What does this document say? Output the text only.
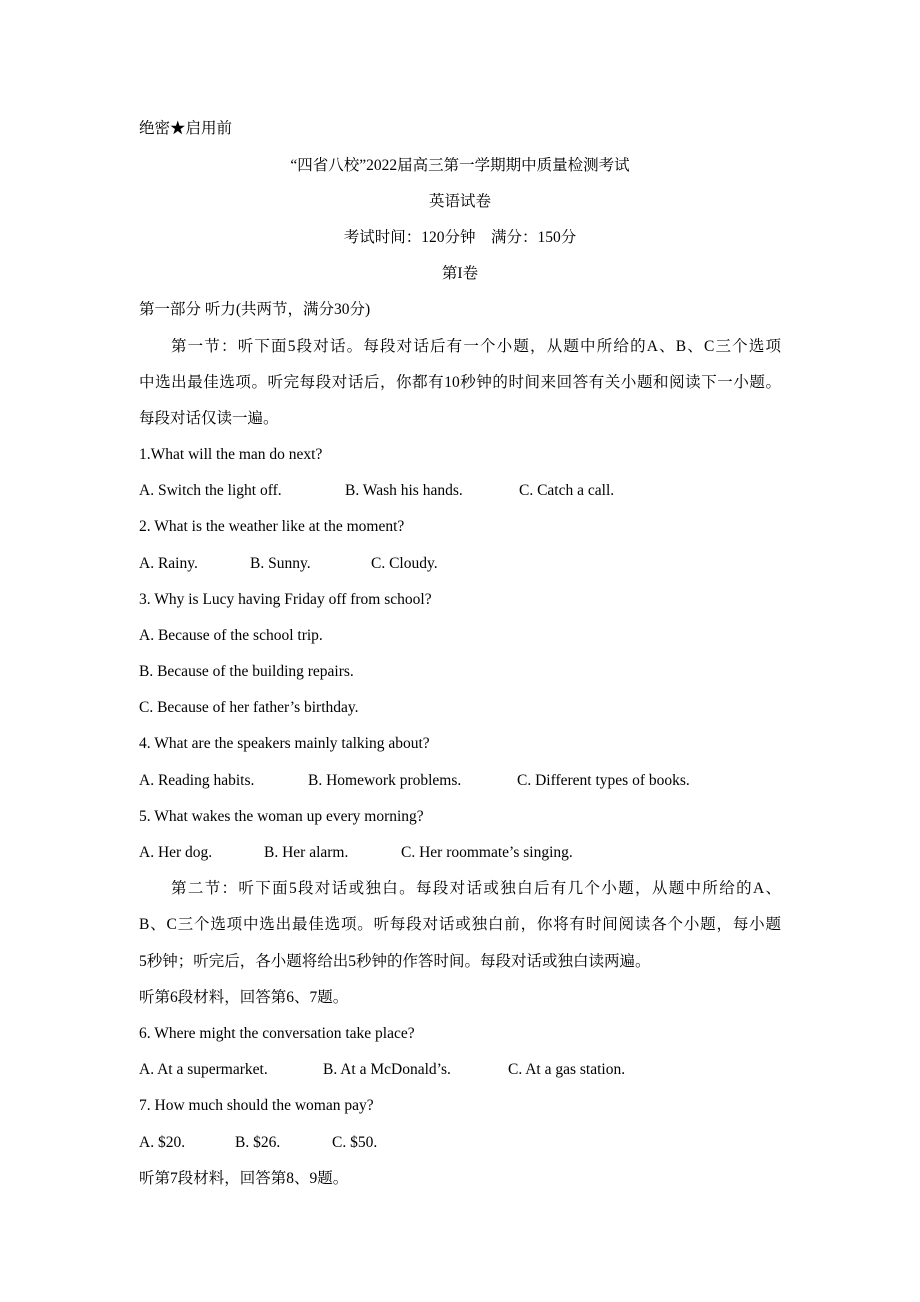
绝密★启用前
“四省八校”2022届高三第一学期期中质量检测考试
英语试卷
考试时间：120分钟　满分：150分
第I卷
第一部分 听力(共两节，满分30分)
第一节：听下面5段对话。每段对话后有一个小题，从题中所给的A、B、C三个选项
中选出最佳选项。听完每段对话后，你都有10秒钟的时间来回答有关小题和阅读下一小题。
每段对话仅读一遍。
1.What will the man do next?
A. Switch the light off.	B. Wash his hands.	C. Catch a call.
2. What is the weather like at the moment?
A. Rainy.	B. Sunny.	C. Cloudy.
3. Why is Lucy having Friday off from school?
A. Because of the school trip.
B. Because of the building repairs.
C. Because of her father’s birthday.
4. What are the speakers mainly talking about?
A. Reading habits.	B. Homework problems.	C. Different types of books.
5. What wakes the woman up every morning?
A. Her dog.	B. Her alarm.	C. Her roommate’s singing.
第二节：听下面5段对话或独白。每段对话或独白后有几个小题，从题中所给的A、
B、C三个选项中选出最佳选项。听每段对话或独白前，你将有时间阅读各个小题，每小题
5秒钟；听完后，各小题将给出5秒钟的作答时间。每段对话或独白读两遍。
听第6段材料，回答第6、7题。
6. Where might the conversation take place?
A. At a supermarket.	B. At a McDonald’s.	C. At a gas station.
7. How much should the woman pay?
A. $20.	B. $26.	C. $50.
听第7段材料，回答第8、9题。
